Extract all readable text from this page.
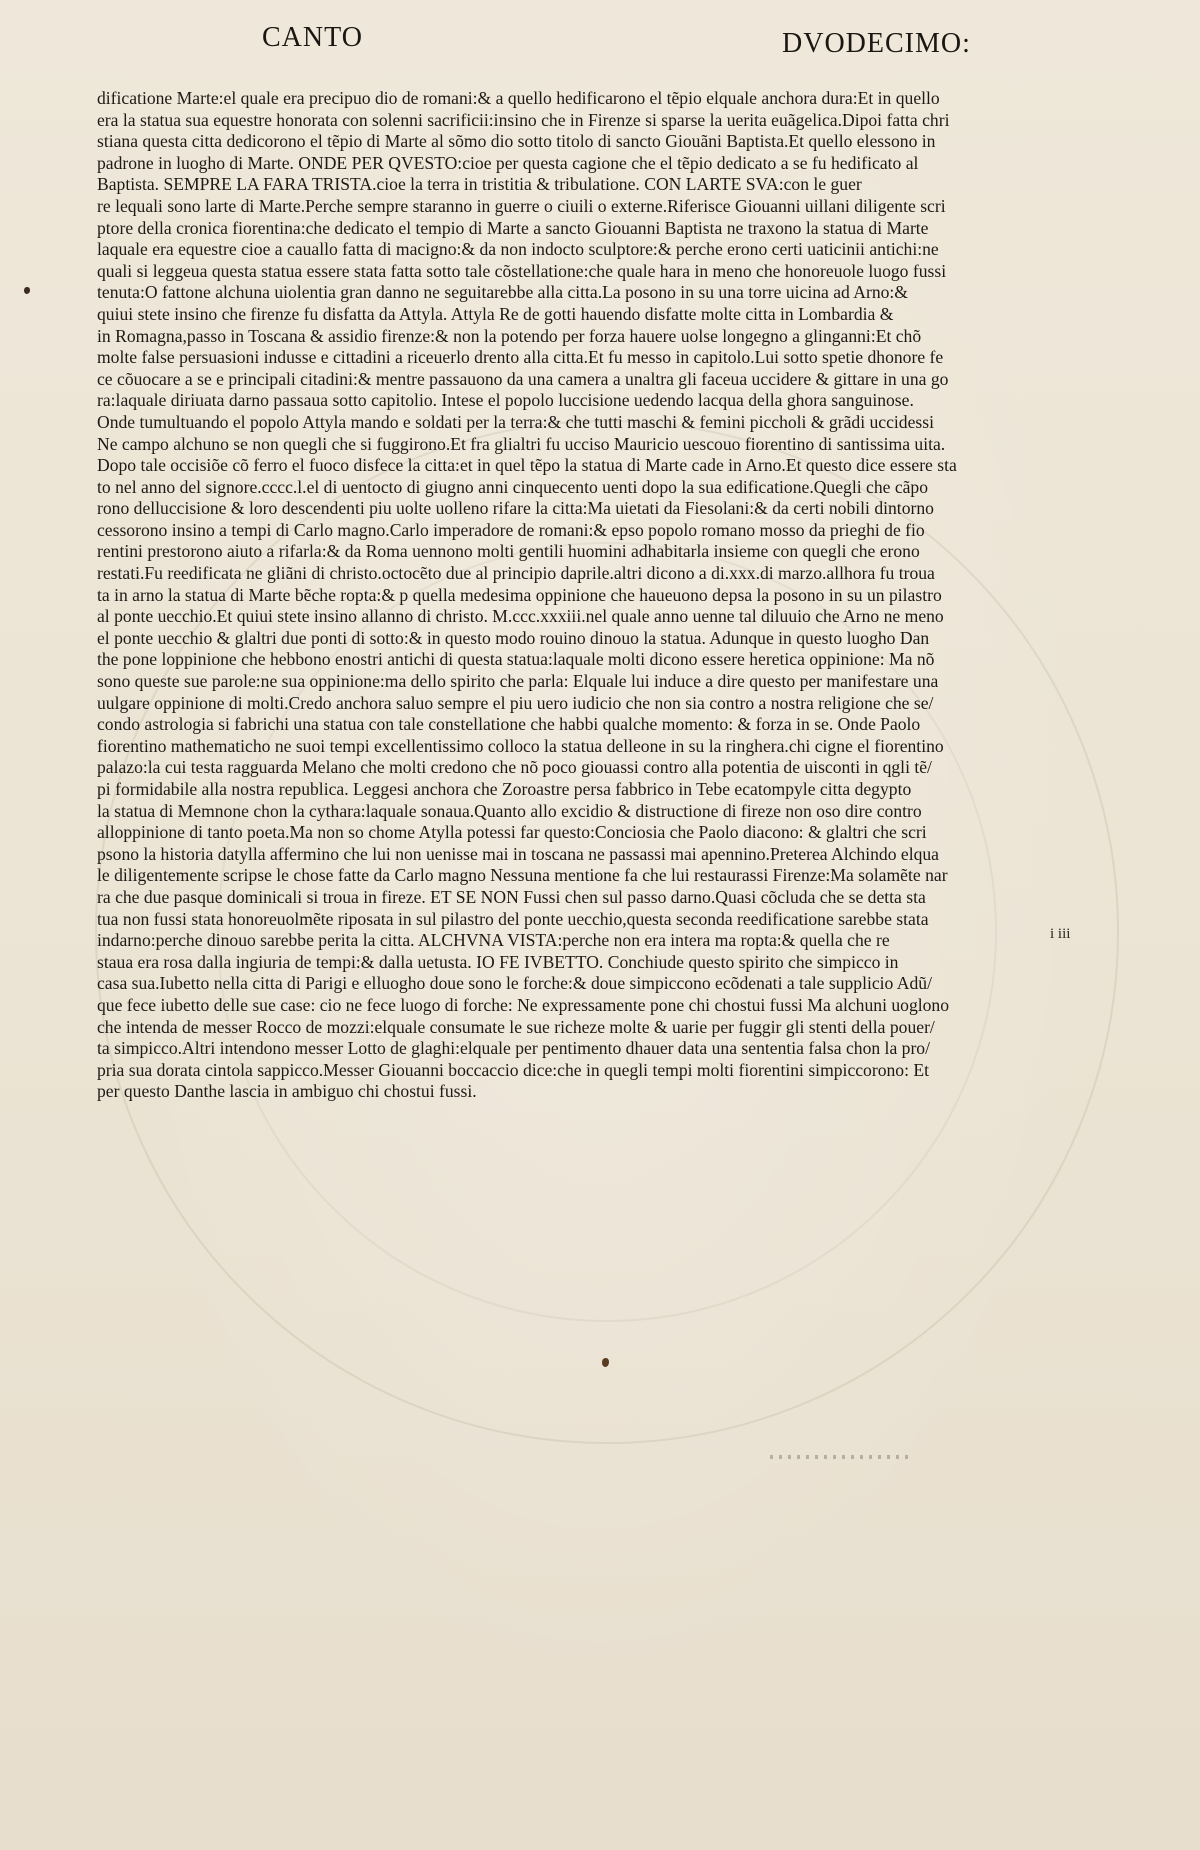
CANTO	DVODECIMO:
dificatione Marte:el quale era precipuo dio de romani:& a quello hedificarono el tẽpio elquale anchora dura:Et in quello
era la statua sua equestre honorata con solenni sacrificii:insino che in Firenze si sparse la uerita euãgelica.Dipoi fatta chri
stiana questa citta dedicorono el tẽpio di Marte al sõmo dio sotto titolo di sancto Giouãni Baptista.Et quello elessono in
padrone in luogho di Marte. ONDE PER QVESTO:cioe per questa cagione che el tẽpio dedicato a se fu hedificato al
Baptista. SEMPRE LA FARA TRISTA.cioe la terra in tristitia & tribulatione. CON LARTE SVA:con le guer
re lequali sono larte di Marte.Perche sempre staranno in guerre o ciuili o externe.Riferisce Giouanni uillani diligente scri
ptore della cronica fiorentina:che dedicato el tempio di Marte a sancto Giouanni Baptista ne traxono la statua di Marte
laquale era equestre cioe a cauallo fatta di macigno:& da non indocto sculptore:& perche erono certi uaticinii antichi:ne
quali si leggeua questa statua essere stata fatta sotto tale cõstellatione:che quale hara in meno che honoreuole luogo fussi
tenuta:O fattone alchuna uiolentia gran danno ne seguitarebbe alla citta.La posono in su una torre uicina ad Arno:&
quiui stete insino che firenze fu disfatta da Attyla. Attyla Re de gotti hauendo disfatte molte citta in Lombardia &
in Romagna,passo in Toscana & assidio firenze:& non la potendo per forza hauere uolse longegno a glinganni:Et chõ
molte false persuasioni indusse e cittadini a riceuerlo drento alla citta.Et fu messo in capitolo.Lui sotto spetie dhonore fe
ce cõuocare a se e principali citadini:& mentre passauono da una camera a unaltra gli faceua uccidere & gittare in una go
ra:laquale diriuata darno passaua sotto capitolio. Intese el popolo luccisione uedendo lacqua della ghora sanguinose.
Onde tumultuando el popolo Attyla mando e soldati per la terra:& che tutti maschi & femini piccholi & grãdi uccidessi
Ne campo alchuno se non quegli che si fuggirono.Et fra glialtri fu ucciso Mauricio uescouo fiorentino di santissima uita.
Dopo tale occisiõe cõ ferro el fuoco disfece la citta:et in quel tẽpo la statua di Marte cade in Arno.Et questo dice essere sta
to nel anno del signore.cccc.l.el di uentocto di giugno anni cinquecento uenti dopo la sua edificatione.Quegli che cãpo
rono delluccisione & loro descendenti piu uolte uolleno rifare la citta:Ma uietati da Fiesolani:& da certi nobili dintorno
cessorono insino a tempi di Carlo magno.Carlo imperadore de romani:& epso popolo romano mosso da prieghi de fio
rentini prestorono aiuto a rifarla:& da Roma uennono molti gentili huomini adhabitarla insieme con quegli che erono
restati.Fu reedificata ne gliãni di christo.octocẽto due al principio daprile.altri dicono a di.xxx.di marzo.allhora fu troua
ta in arno la statua di Marte bẽche ropta:& p quella medesima oppinione che haueuono depsa la posono in su un pilastro
al ponte uecchio.Et quiui stete insino allanno di christo. M.ccc.xxxiii.nel quale anno uenne tal diluuio che Arno ne meno
el ponte uecchio & glaltri due ponti di sotto:& in questo modo rouino dinouo la statua. Adunque in questo luogho Dan
the pone loppinione che hebbono enostri antichi di questa statua:laquale molti dicono essere heretica oppinione: Ma nõ
sono queste sue parole:ne sua oppinione:ma dello spirito che parla: Elquale lui induce a dire questo per manifestare una
uulgare oppinione di molti.Credo anchora saluo sempre el piu uero iudicio che non sia contro a nostra religione che se/
condo astrologia si fabrichi una statua con tale constellatione che habbi qualche momento: & forza in se. Onde Paolo
fiorentino mathematicho ne suoi tempi excellentissimo colloco la statua delleone in su la ringhera.chi cigne el fiorentino
palazo:la cui testa ragguarda Melano che molti credono che nõ poco giouassi contro alla potentia de uisconti in qgli tẽ/
pi formidabile alla nostra republica. Leggesi anchora che Zoroastre persa fabbrico in Tebe ecatompyle citta degypto
la statua di Memnone chon la cythara:laquale sonaua.Quanto allo excidio & distructione di fireze non oso dire contro
alloppinione di tanto poeta.Ma non so chome Atylla potessi far questo:Conciosia che Paolo diacono: & glaltri che scri
psono la historia datylla affermino che lui non uenisse mai in toscana ne passassi mai apennino.Preterea Alchindo elqua
le diligentemente scripse le chose fatte da Carlo magno Nessuna mentione fa che lui restaurassi Firenze:Ma solamẽte nar
ra che due pasque dominicali si troua in fireze. ET SE NON Fussi chen sul passo darno.Quasi cõcluda che se detta sta
tua non fussi stata honoreuolmẽte riposata in sul pilastro del ponte uecchio,questa seconda reedificatione sarebbe stata
indarno:perche dinouo sarebbe perita la citta. ALCHVNA VISTA:perche non era intera ma ropta:& quella che re
staua era rosa dalla ingiuria de tempi:& dalla uetusta. IO FE IVBETTO. Conchiude questo spirito che simpicco in
casa sua.Iubetto nella citta di Parigi e elluogho doue sono le forche:& doue simpiccono ecõdenati a tale supplicio Adũ/
que fece iubetto delle sue case: cio ne fece luogo di forche: Ne expressamente pone chi chostui fussi Ma alchuni uoglono
che intenda de messer Rocco de mozzi:elquale consumate le sue richeze molte & uarie per fuggir gli stenti della pouer/
ta simpicco.Altri intendono messer Lotto de glaghi:elquale per pentimento dhauer data una sententia falsa chon la pro/
pria sua dorata cintola sappicco.Messer Giouanni boccaccio dice:che in quegli tempi molti fiorentini simpiccorono: Et
per questo Danthe lascia in ambiguo chi chostui fussi.
i iii
